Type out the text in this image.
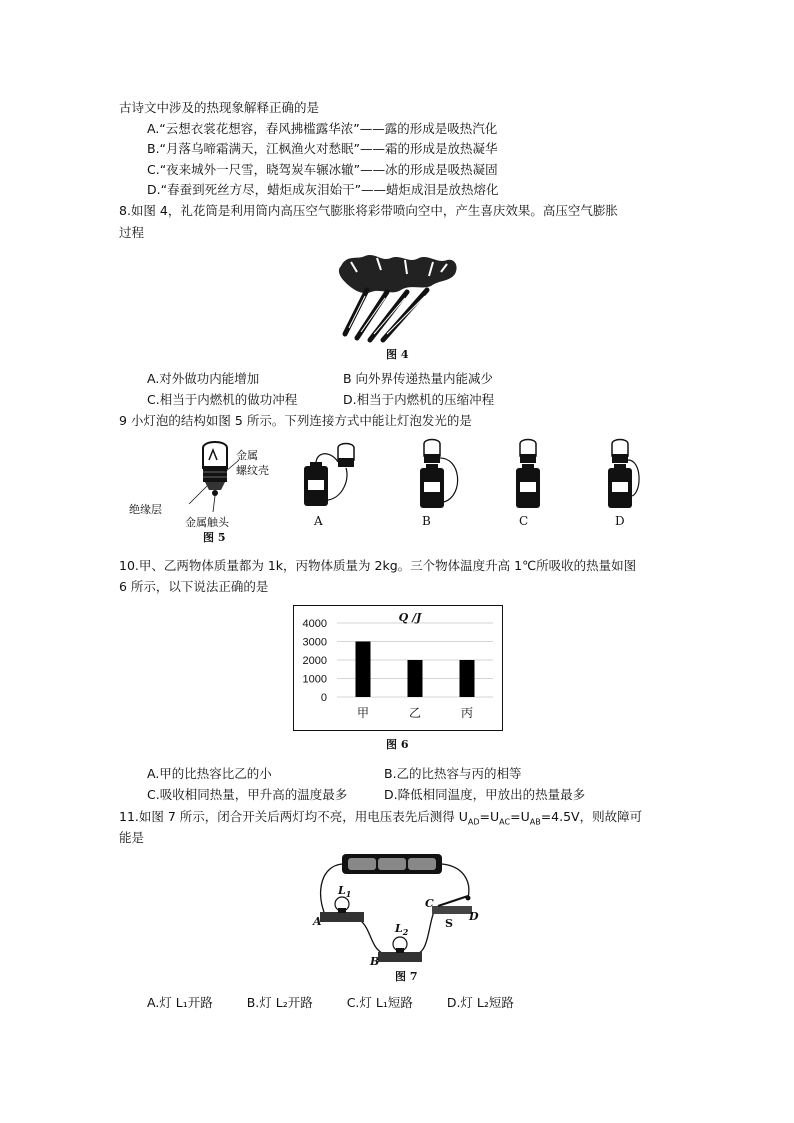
古诗文中涉及的热现象解释正确的是
A.“云想衣裳花想容，春风拂槛露华浓”——露的形成是吸热汽化
B.“月落乌啼霜满天，江枫渔火对愁眠”——霜的形成是放热凝华
C.“夜来城外一尺雪，晓驾炭车辗冰辙”——冰的形成是吸热凝固
D.“春蚕到死丝方尽，蜡炬成灰泪始干”——蜡炬成泪是放热熔化
8.如图 4，礼花筒是利用筒内高压空气膨胀将彩带喷向空中，产生喜庆效果。高压空气膨胀
过程
图 4
A.对外做功内能增加	B 向外界传递热量内能减少
C.相当于内燃机的做功冲程	D.相当于内燃机的压缩冲程
9 小灯泡的结构如图 5 所示。下列连接方式中能让灯泡发光的是
金属
螺纹壳
绝缘层
金属触头
图 5
A	B	C	D
10.甲、乙两物体质量都为 1k，丙物体质量为 2kg。三个物体温度升高 1℃所吸收的热量如图
6 所示，以下说法正确的是
0
1000
2000
3000
4000
甲	乙	丙
Q /J
图 6
A.甲的比热容比乙的小	B.乙的比热容与丙的相等
C.吸收相同热量，甲升高的温度最多	D.降低相同温度，甲放出的热量最多
11.如图 7 所示，闭合开关后两灯均不亮，用电压表先后测得 $U_{AD}=U_{AC}=U_{AB}=4.5V$，则故障可
能是
$L_1$
$L_2$
A
B
C
D
S
图 7
A.灯 L₁开路	B.灯 L₂开路	C.灯 L₁短路	D.灯 L₂短路
